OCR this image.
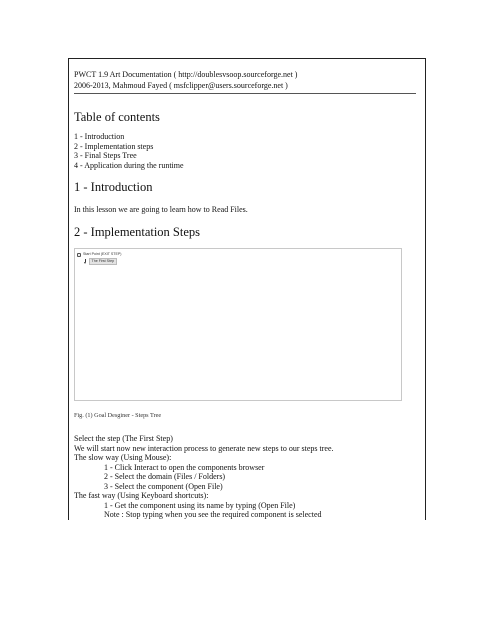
PWCT 1.9 Art Documentation ( http://doublesvsoop.sourceforge.net )
2006-2013, Mahmoud Fayed ( msfclipper@users.sourceforge.net )
Table of contents
1 - Introduction
2 - Implementation steps
3 - Final Steps Tree
4 - Application during the runtime
1 - Introduction
In this lesson we are going to learn how to Read Files.
2 - Implementation Steps
Start Point (EXIT STEP)
The First Step
Fig. (1) Goal Desginer - Steps Tree
Select the step (The First Step)
We will start now new interaction process to generate new steps to our steps tree.
The slow way (Using Mouse):
1 - Click Interact to open the components browser
2 - Select the domain (Files / Folders)
3 - Select the component (Open File)
The fast way (Using Keyboard shortcuts):
1 - Get the component using its name by typing (Open File)
Note : Stop typing when you see the required component is selected
